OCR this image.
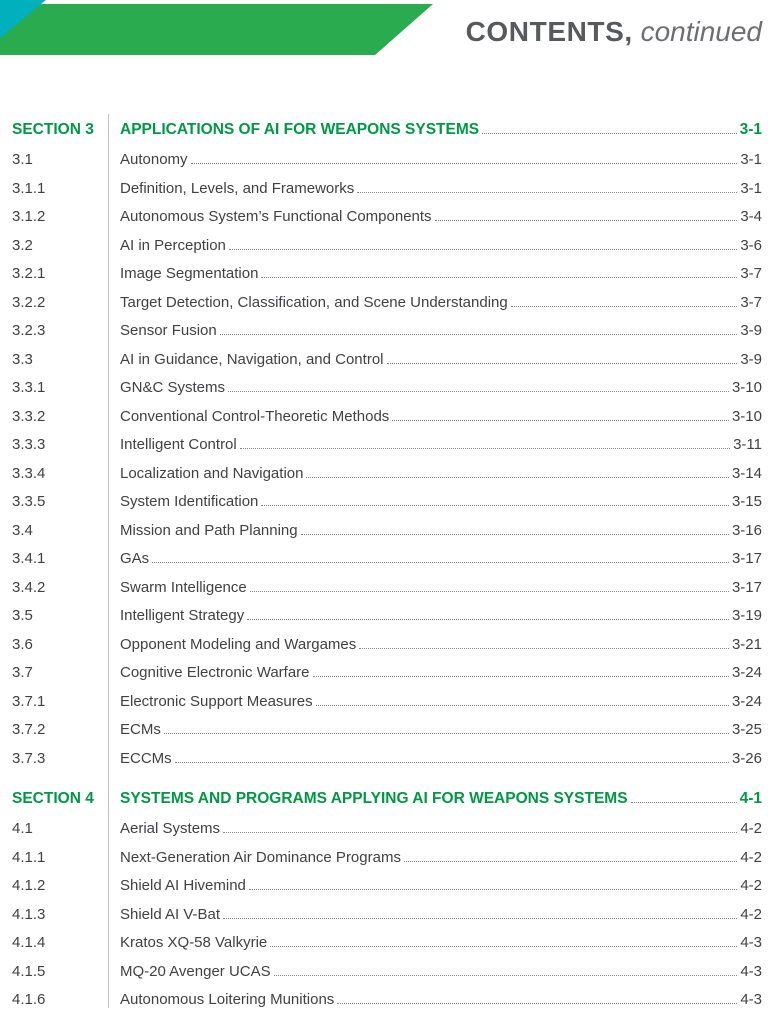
CONTENTS, continued
SECTION 3	APPLICATIONS OF AI FOR WEAPONS SYSTEMS	3-1
3.1	Autonomy	3-1
3.1.1	Definition, Levels, and Frameworks	3-1
3.1.2	Autonomous System’s Functional Components	3-4
3.2	AI in Perception	3-6
3.2.1	Image Segmentation	3-7
3.2.2	Target Detection, Classification, and Scene Understanding	3-7
3.2.3	Sensor Fusion	3-9
3.3	AI in Guidance, Navigation, and Control	3-9
3.3.1	GN&C Systems	3-10
3.3.2	Conventional Control-Theoretic Methods	3-10
3.3.3	Intelligent Control	3-11
3.3.4	Localization and Navigation	3-14
3.3.5	System Identification	3-15
3.4	Mission and Path Planning	3-16
3.4.1	GAs	3-17
3.4.2	Swarm Intelligence	3-17
3.5	Intelligent Strategy	3-19
3.6	Opponent Modeling and Wargames	3-21
3.7	Cognitive Electronic Warfare	3-24
3.7.1	Electronic Support Measures	3-24
3.7.2	ECMs	3-25
3.7.3	ECCMs	3-26
SECTION 4	SYSTEMS AND PROGRAMS APPLYING AI FOR WEAPONS SYSTEMS	4-1
4.1	Aerial Systems	4-2
4.1.1	Next-Generation Air Dominance Programs	4-2
4.1.2	Shield AI Hivemind	4-2
4.1.3	Shield AI V-Bat	4-2
4.1.4	Kratos XQ-58 Valkyrie	4-3
4.1.5	MQ-20 Avenger UCAS	4-3
4.1.6	Autonomous Loitering Munitions	4-3
